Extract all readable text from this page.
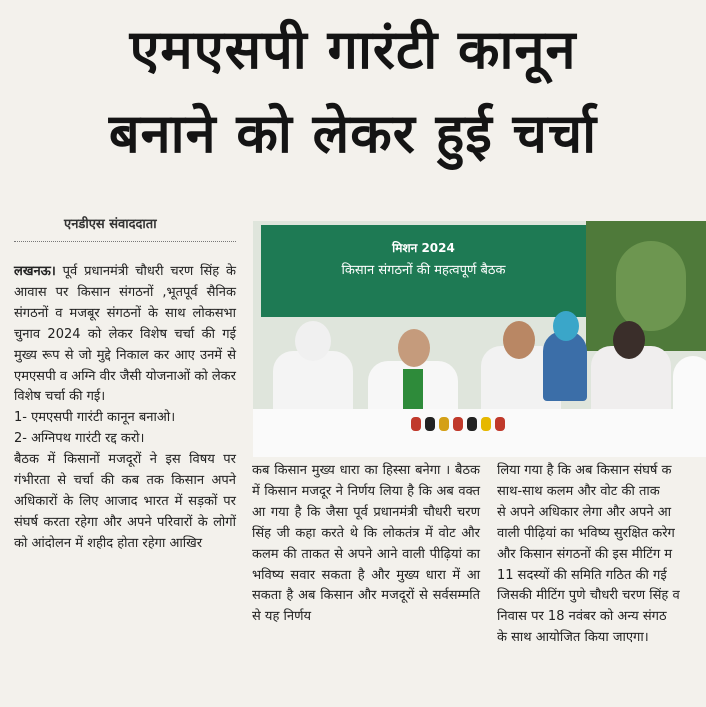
एमएसपी गारंटी कानून
बनाने को लेकर हुई चर्चा
एनडीएस संवाददाता
मिशन 2024
किसान संगठनों की महत्वपूर्ण बैठक

लखनऊ। पूर्व प्रधानमंत्री चौधरी चरण सिंह के आवास पर किसान संगठनों ,भूतपूर्व सैनिक संगठनों व मजबूर संगठनों के साथ लोकसभा चुनाव 2024 को लेकर विशेष चर्चा की गई मुख्य रूप से जो मुद्दे निकाल कर आए उनमें से एमएसपी व अग्नि वीर जैसी योजनाओं को लेकर विशेष चर्चा की गई।

1- एमएसपी गारंटी कानून बनाओ।

2- अग्निपथ गारंटी रद्द करो।

बैठक में किसानों मजदूरों ने इस विषय पर गंभीरता से चर्चा की कब तक किसान अपने अधिकारों के लिए आजाद भारत में सड़कों पर संघर्ष करता रहेगा और अपने परिवारों के लोगों को आंदोलन में शहीद होता रहेगा आखिर

कब किसान मुख्य धारा का हिस्सा बनेगा । बैठक में किसान मजदूर ने निर्णय लिया है कि अब वक्त आ गया है कि जैसा पूर्व प्रधानमंत्री चौधरी चरण सिंह जी कहा करते थे कि लोकतंत्र में वोट और कलम की ताकत से अपने आने वाली पीढ़ियां का भविष्य सवार सकता है और मुख्य धारा में आ सकता है अब किसान और मजदूरों से सर्वसम्मति से यह निर्णय

लिया गया है कि अब किसान संघर्ष क
साथ-साथ कलम और वोट की ताक
से अपने अधिकार लेगा और अपने आ
वाली पीढ़ियां का भविष्य सुरक्षित करेग
और किसान संगठनों की इस मीटिंग म
11 सदस्यों की समिति गठित की गई
जिसकी मीटिंग पुणे चौधरी चरण सिंह व
निवास पर 18 नवंबर को अन्य संगठ
के साथ आयोजित किया जाएगा।
